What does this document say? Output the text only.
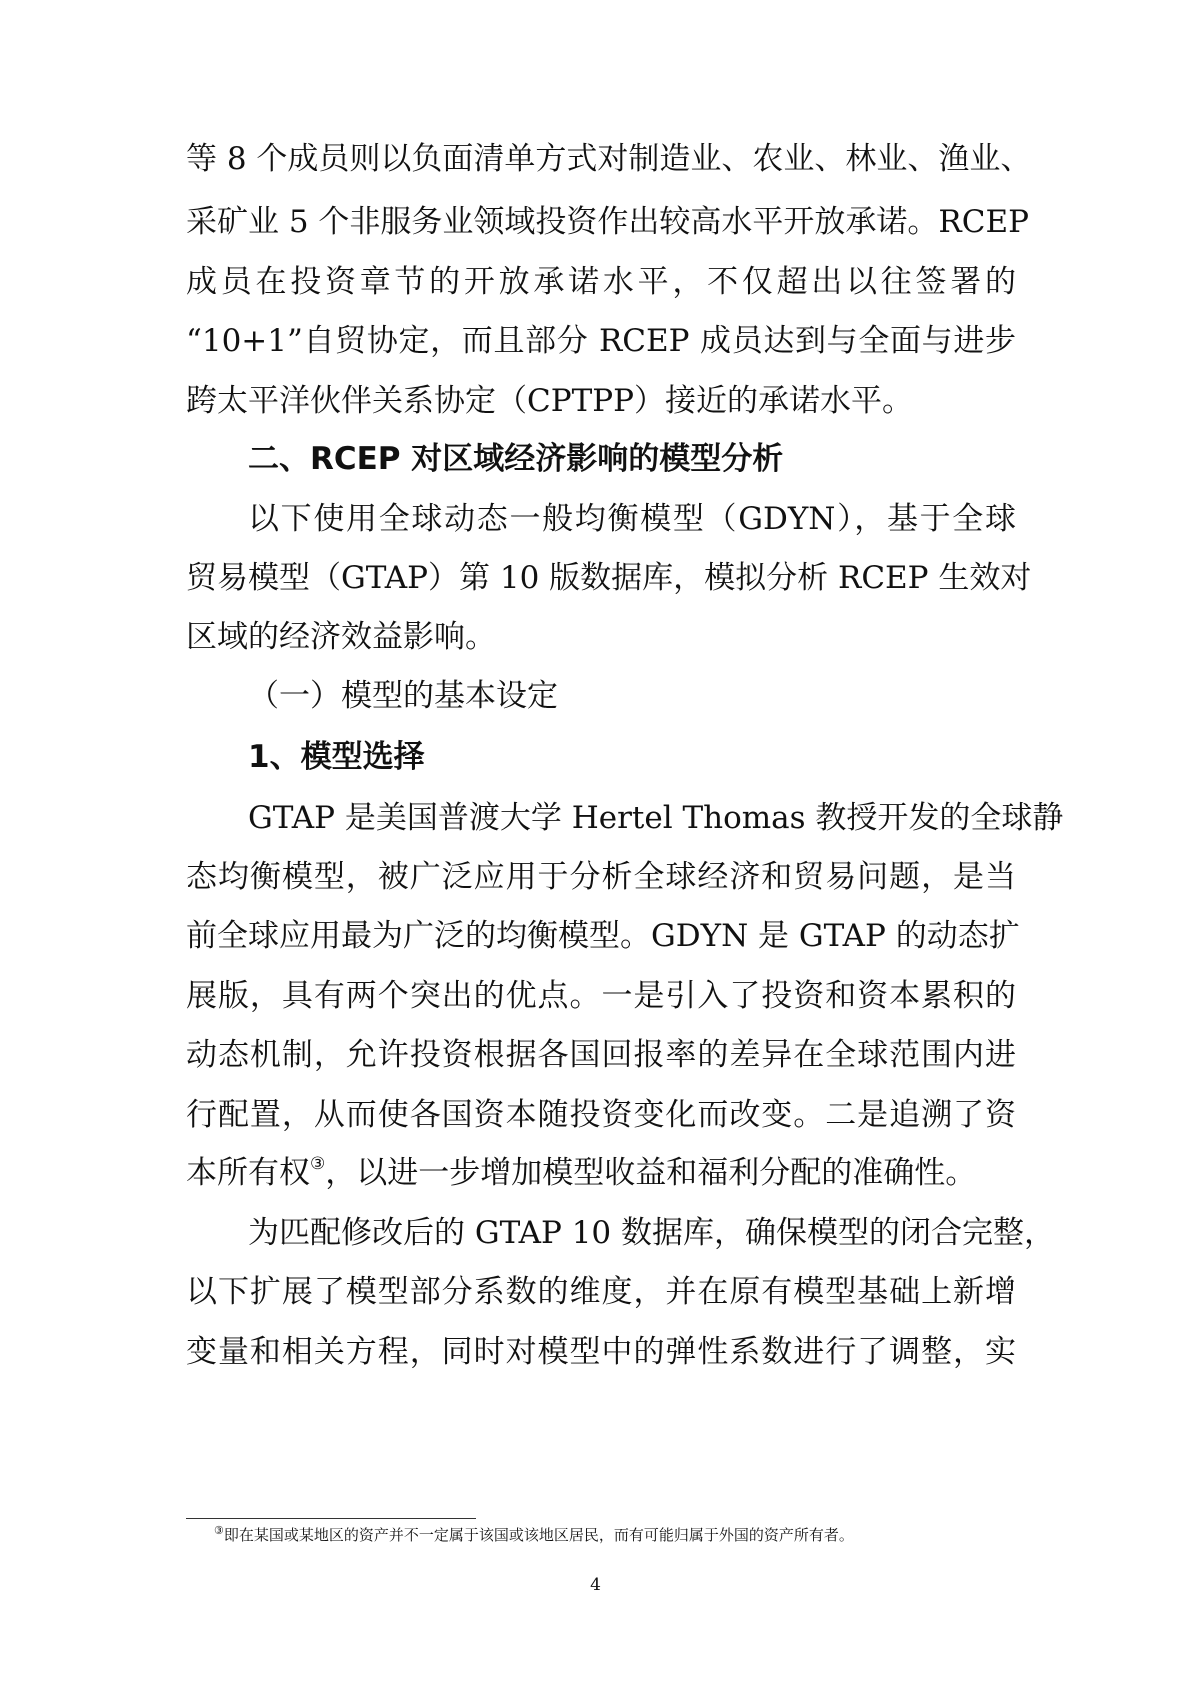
等 8 个成员则以负面清单方式对制造业、农业、林业、渔业、
采矿业 5 个非服务业领域投资作出较高水平开放承诺。RCEP
成员在投资章节的开放承诺水平，不仅超出以往签署的
“10+1”自贸协定，而且部分 RCEP 成员达到与全面与进步
跨太平洋伙伴关系协定（CPTPP）接近的承诺水平。
二、RCEP 对区域经济影响的模型分析
以下使用全球动态一般均衡模型（GDYN），基于全球
贸易模型（GTAP）第 10 版数据库，模拟分析 RCEP 生效对
区域的经济效益影响。
（一）模型的基本设定
1、模型选择
GTAP 是美国普渡大学 Hertel Thomas 教授开发的全球静
态均衡模型，被广泛应用于分析全球经济和贸易问题，是当
前全球应用最为广泛的均衡模型。GDYN 是 GTAP 的动态扩
展版，具有两个突出的优点。一是引入了投资和资本累积的
动态机制，允许投资根据各国回报率的差异在全球范围内进
行配置，从而使各国资本随投资变化而改变。二是追溯了资
本所有权③，以进一步增加模型收益和福利分配的准确性。
为匹配修改后的 GTAP 10 数据库，确保模型的闭合完整，
以下扩展了模型部分系数的维度，并在原有模型基础上新增
变量和相关方程，同时对模型中的弹性系数进行了调整，实
③即在某国或某地区的资产并不一定属于该国或该地区居民，而有可能归属于外国的资产所有者。
4
